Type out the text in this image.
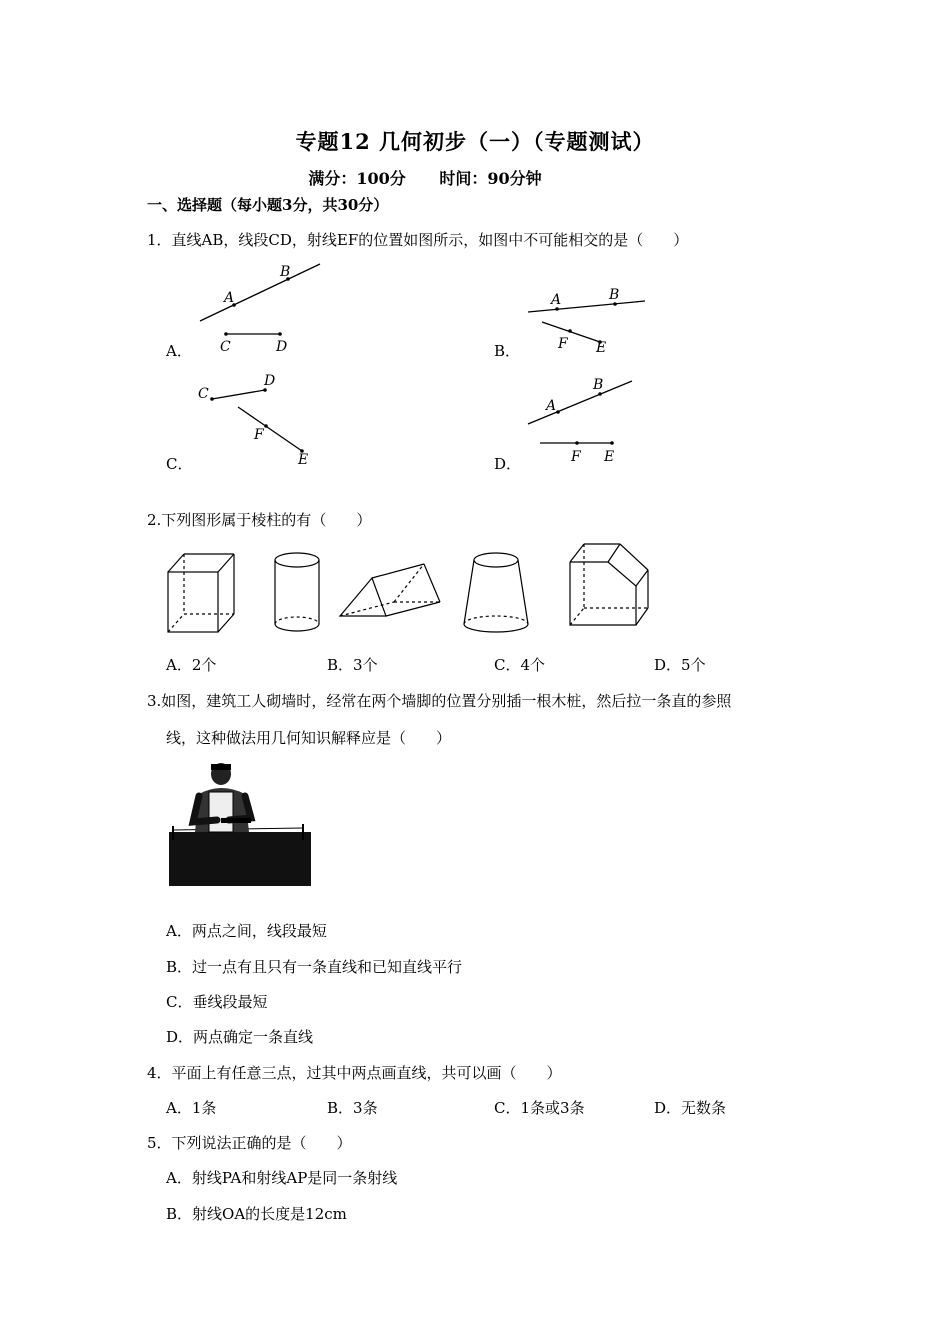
专题12 几何初步（一）（专题测试）
满分：100分 时间：90分钟
一、选择题（每小题3分，共30分）
1．直线AB，线段CD，射线EF的位置如图所示，如图中不可能相交的是（　　）
A．	B．
C．	D．
A
B
C	D
A	B
F E
C
D
F
E
A
B
F E
2.下列图形属于棱柱的有（　　）
A．2个	B．3个	C．4个	D．5个
3.如图，建筑工人砌墙时，经常在两个墙脚的位置分别插一根木桩，然后拉一条直的参照
线，这种做法用几何知识解释应是（　　）
A．两点之间，线段最短
B．过一点有且只有一条直线和已知直线平行
C．垂线段最短
D．两点确定一条直线
4．平面上有任意三点，过其中两点画直线，共可以画（　　）
A．1条	B．3条	C．1条或3条	D．无数条
5．下列说法正确的是（　　）
A．射线PA和射线AP是同一条射线
B．射线OA的长度是12cm
